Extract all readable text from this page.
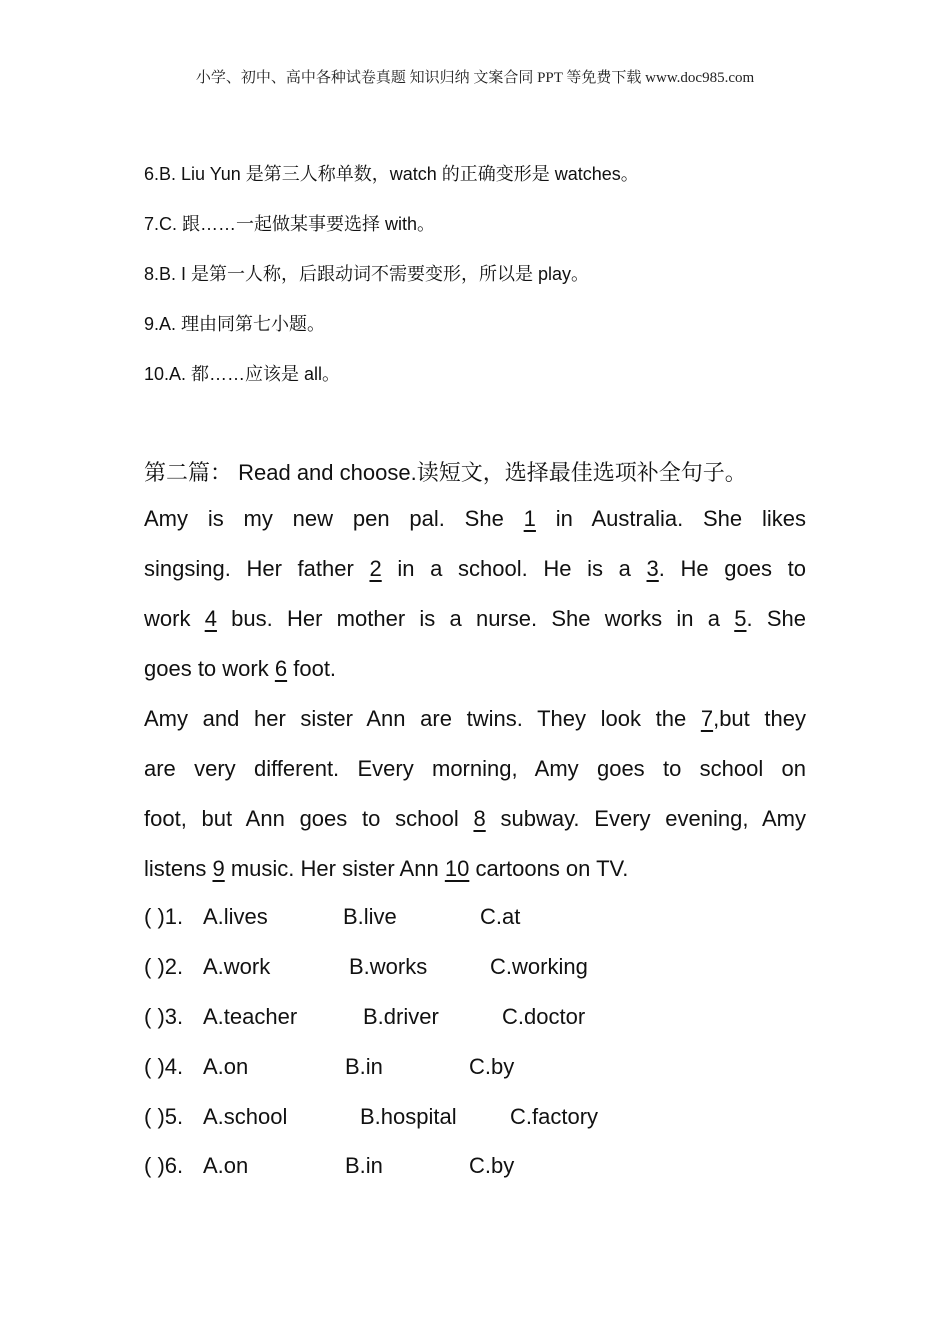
小学、初中、高中各种试卷真题 知识归纳 文案合同 PPT 等免费下载 www.doc985.com
6.B. Liu Yun 是第三人称单数，watch 的正确变形是 watches。
7.C. 跟……一起做某事要选择 with。
8.B. I 是第一人称，后跟动词不需要变形，所以是 play。
9.A. 理由同第七小题。
10.A. 都……应该是 all。
第二篇： Read and choose.读短文，选择最佳选项补全句子。
Amy is my new pen pal. She 1 in Australia. She likes
singsing. Her father 2 in a school. He is a 3. He goes to
work 4 bus. Her mother is a nurse. She works in a 5. She
goes to work 6 foot.
Amy and her sister Ann are twins. They look the 7,but they
are very different. Every morning, Amy goes to school on
foot, but Ann goes to school 8 subway. Every evening, Amy
listens 9 music. Her sister Ann 10 cartoons on TV.
( )1. A.lives	B.live	C.at
( )2. A.work	B.works	C.working
( )3. A.teacher	B.driver	C.doctor
( )4. A.on	B.in	C.by
( )5. A.school	B.hospital C.factory
( )6. A.on	B.in	C.by
